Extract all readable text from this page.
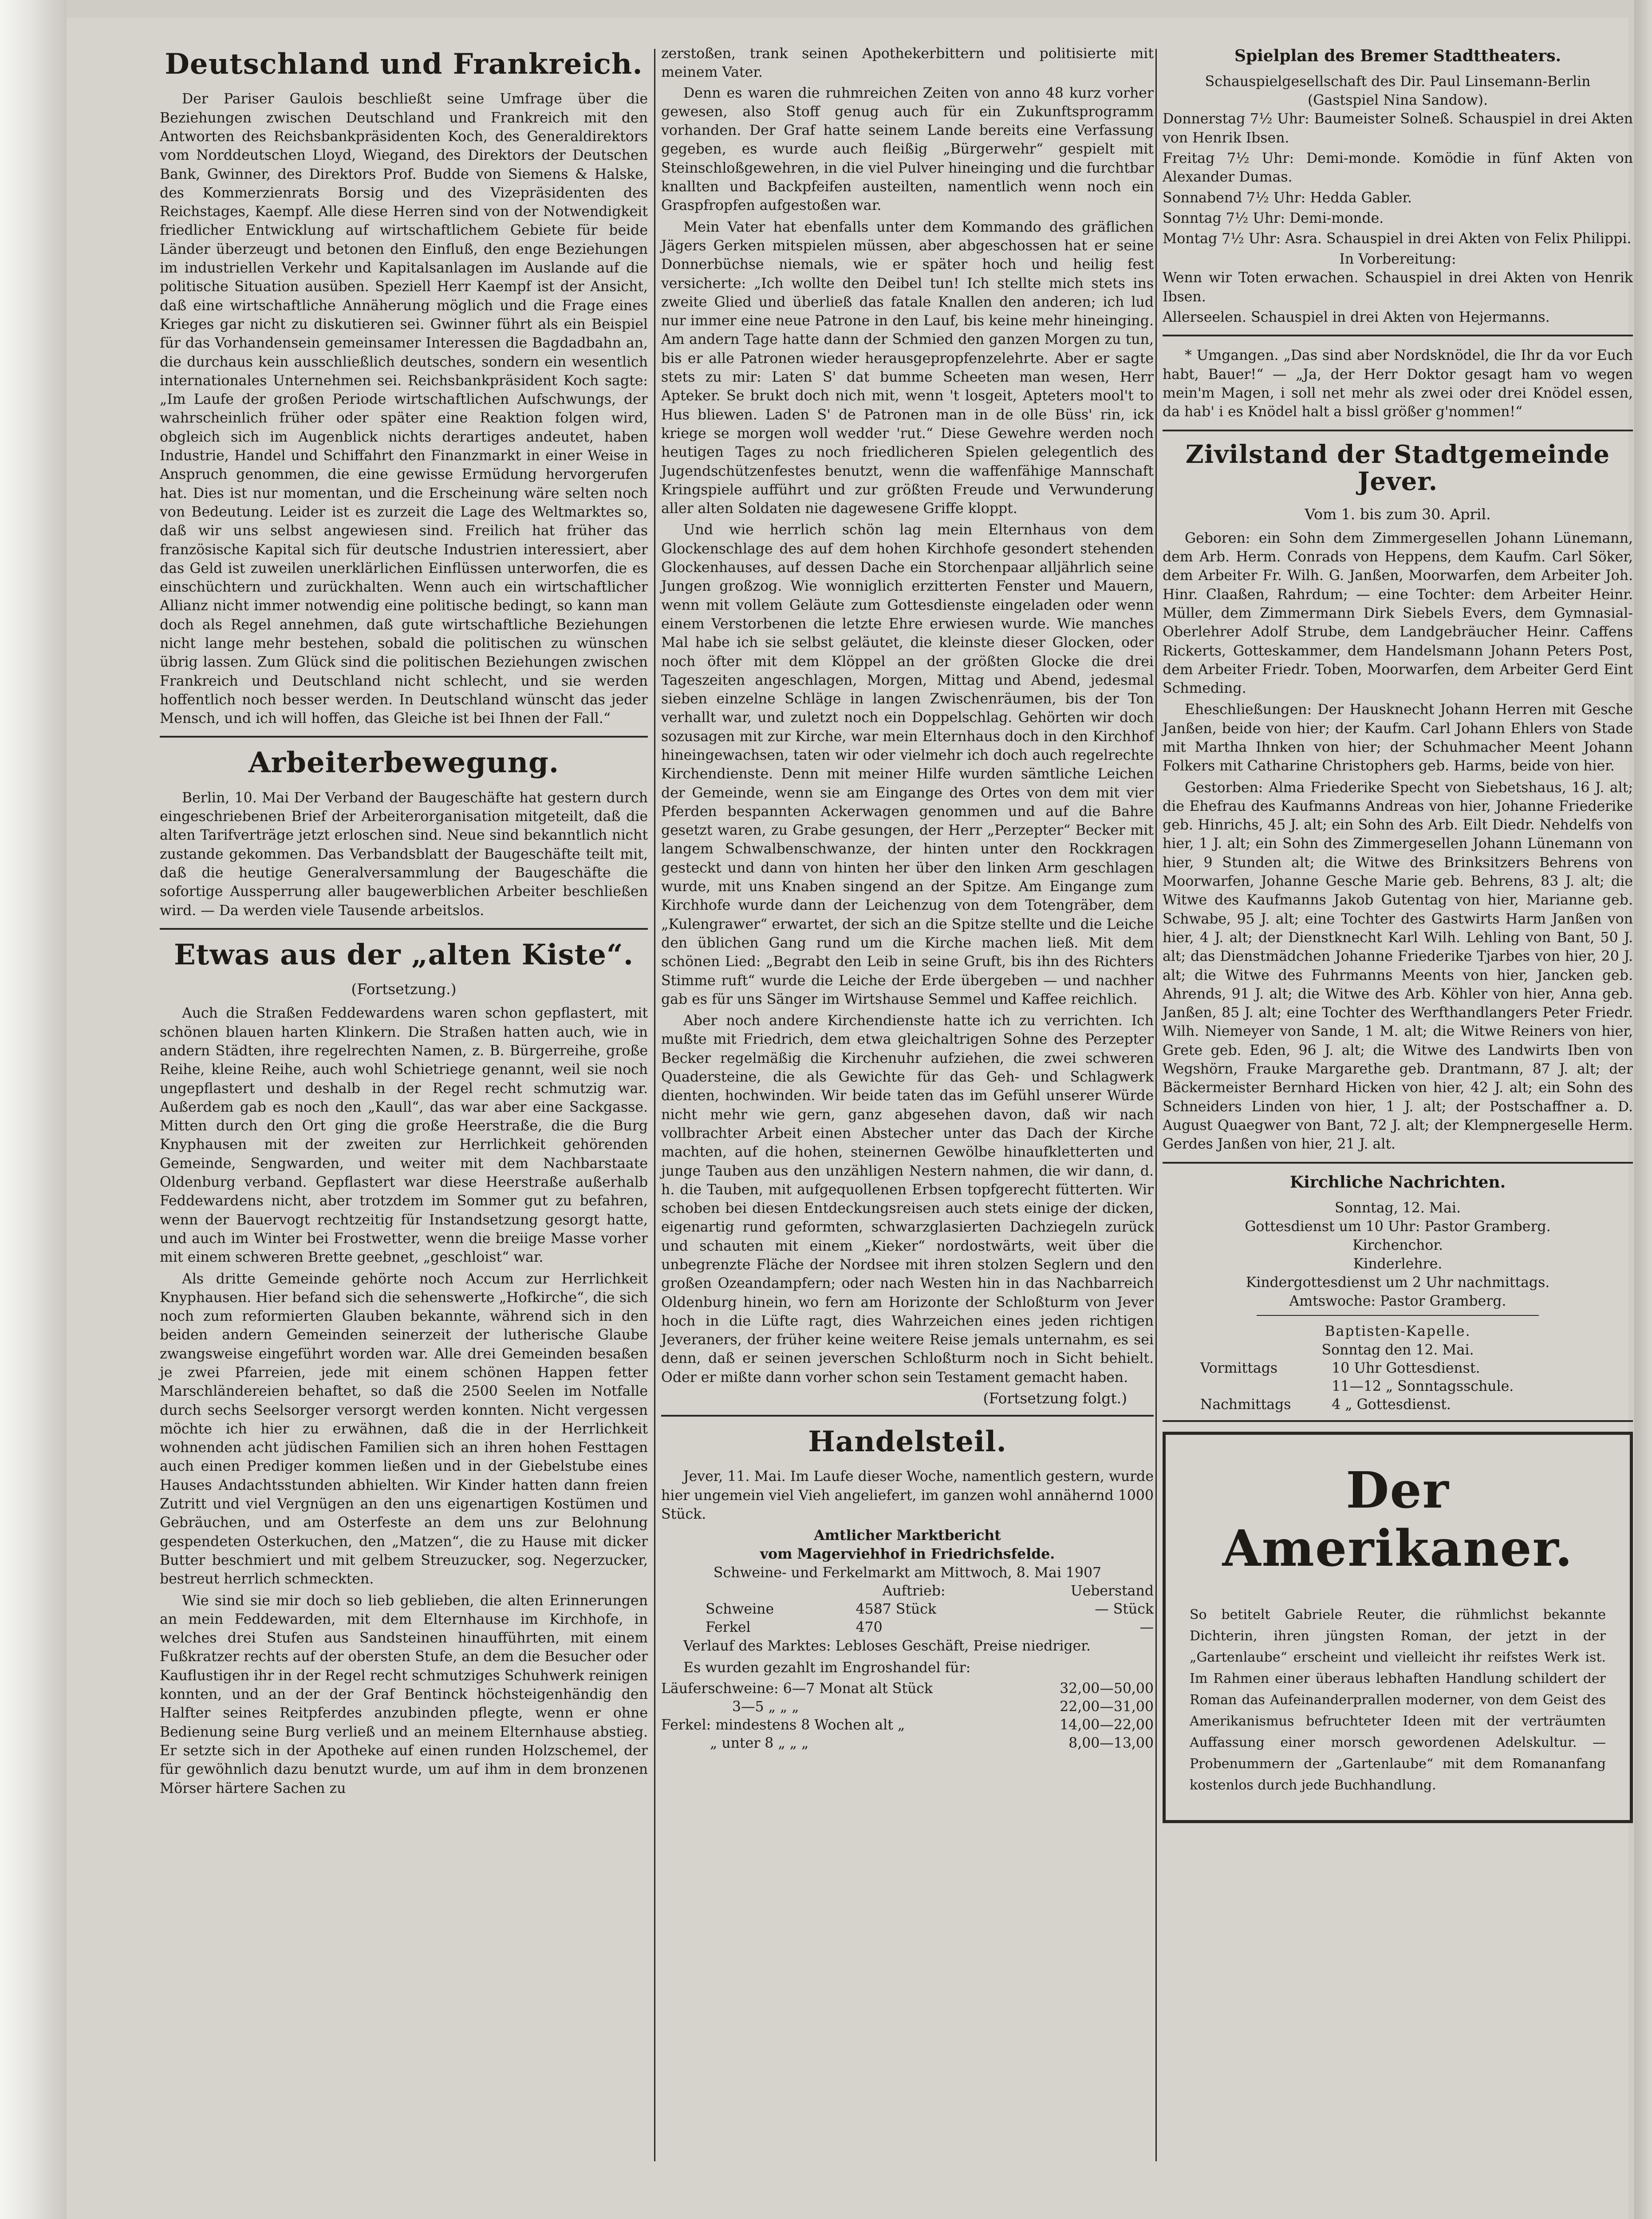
Deutschland und Frankreich.

Der Pariser Gaulois beschließt seine Umfrage über die Beziehungen zwischen Deutschland und Frankreich mit den Antworten des Reichsbankpräsidenten Koch, des Generaldirektors vom Norddeutschen Lloyd, Wiegand, des Direktors der Deutschen Bank, Gwinner, des Direktors Prof. Budde von Siemens & Halske, des Kommerzienrats Borsig und des Vizepräsidenten des Reichstages, Kaempf. Alle diese Herren sind von der Notwendigkeit friedlicher Entwicklung auf wirtschaftlichem Gebiete für beide Länder überzeugt und betonen den Einfluß, den enge Beziehungen im industriellen Verkehr und Kapitalsanlagen im Auslande auf die politische Situation ausüben. Speziell Herr Kaempf ist der Ansicht, daß eine wirtschaftliche Annäherung möglich und die Frage eines Krieges gar nicht zu diskutieren sei. Gwinner führt als ein Beispiel für das Vorhandensein gemeinsamer Interessen die Bagdadbahn an, die durchaus kein ausschließlich deutsches, sondern ein wesentlich internationales Unternehmen sei. Reichsbankpräsident Koch sagte: „Im Laufe der großen Periode wirtschaftlichen Aufschwungs, der wahrscheinlich früher oder später eine Reaktion folgen wird, obgleich sich im Augenblick nichts derartiges andeutet, haben Industrie, Handel und Schiffahrt den Finanzmarkt in einer Weise in Anspruch genommen, die eine gewisse Ermüdung hervorgerufen hat. Dies ist nur momentan, und die Erscheinung wäre selten noch von Bedeutung. Leider ist es zurzeit die Lage des Weltmarktes so, daß wir uns selbst angewiesen sind. Freilich hat früher das französische Kapital sich für deutsche Industrien interessiert, aber das Geld ist zuweilen unerklärlichen Einflüssen unterworfen, die es einschüchtern und zurückhalten. Wenn auch ein wirtschaftlicher Allianz nicht immer notwendig eine politische bedingt, so kann man doch als Regel annehmen, daß gute wirtschaftliche Beziehungen nicht lange mehr bestehen, sobald die politischen zu wünschen übrig lassen. Zum Glück sind die politischen Beziehungen zwischen Frankreich und Deutschland nicht schlecht, und sie werden hoffentlich noch besser werden. In Deutschland wünscht das jeder Mensch, und ich will hoffen, das Gleiche ist bei Ihnen der Fall.“

Arbeiterbewegung.

Berlin, 10. Mai Der Verband der Baugeschäfte hat gestern durch eingeschriebenen Brief der Arbeiterorganisation mitgeteilt, daß die alten Tarifverträge jetzt erloschen sind. Neue sind bekanntlich nicht zustande gekommen. Das Verbandsblatt der Baugeschäfte teilt mit, daß die heutige Generalversammlung der Baugeschäfte die sofortige Aussperrung aller baugewerblichen Arbeiter beschließen wird. — Da werden viele Tausende arbeitslos.

Etwas aus der „alten Kiste“.
(Fortsetzung.)

Auch die Straßen Feddewardens waren schon gepflastert, mit schönen blauen harten Klinkern. Die Straßen hatten auch, wie in andern Städten, ihre regelrechten Namen, z. B. Bürgerreihe, große Reihe, kleine Reihe, auch wohl Schietriege genannt, weil sie noch ungepflastert und deshalb in der Regel recht schmutzig war. Außerdem gab es noch den „Kaull“, das war aber eine Sackgasse. Mitten durch den Ort ging die große Heerstraße, die die Burg Knyphausen mit der zweiten zur Herrlichkeit gehörenden Gemeinde, Sengwarden, und weiter mit dem Nachbarstaate Oldenburg verband. Gepflastert war diese Heerstraße außerhalb Feddewardens nicht, aber trotzdem im Sommer gut zu befahren, wenn der Bauervogt rechtzeitig für Instandsetzung gesorgt hatte, und auch im Winter bei Frostwetter, wenn die breiige Masse vorher mit einem schweren Brette geebnet, „geschloist“ war.

Als dritte Gemeinde gehörte noch Accum zur Herrlichkeit Knyphausen. Hier befand sich die sehenswerte „Hofkirche“, die sich noch zum reformierten Glauben bekannte, während sich in den beiden andern Gemeinden seinerzeit der lutherische Glaube zwangsweise eingeführt worden war. Alle drei Gemeinden besaßen je zwei Pfarreien, jede mit einem schönen Happen fetter Marschländereien behaftet, so daß die 2500 Seelen im Notfalle durch sechs Seelsorger versorgt werden konnten. Nicht vergessen möchte ich hier zu erwähnen, daß die in der Herrlichkeit wohnenden acht jüdischen Familien sich an ihren hohen Festtagen auch einen Prediger kommen ließen und in der Giebelstube eines Hauses Andachtsstunden abhielten. Wir Kinder hatten dann freien Zutritt und viel Vergnügen an den uns eigenartigen Kostümen und Gebräuchen, und am Osterfeste an dem uns zur Belohnung gespendeten Osterkuchen, den „Matzen“, die zu Hause mit dicker Butter beschmiert und mit gelbem Streuzucker, sog. Negerzucker, bestreut herrlich schmeckten.

Wie sind sie mir doch so lieb geblieben, die alten Erinnerungen an mein Feddewarden, mit dem Elternhause im Kirchhofe, in welches drei Stufen aus Sandsteinen hinaufführten, mit einem Fußkratzer rechts auf der obersten Stufe, an dem die Besucher oder Kauflustigen ihr in der Regel recht schmutziges Schuhwerk reinigen konnten, und an der der Graf Bentinck höchsteigenhändig den Halfter seines Reitpferdes anzubinden pflegte, wenn er ohne Bedienung seine Burg verließ und an meinem Elternhause abstieg. Er setzte sich in der Apotheke auf einen runden Holzschemel, der für gewöhnlich dazu benutzt wurde, um auf ihm in dem bronzenen Mörser härtere Sachen zu

zerstoßen, trank seinen Apothekerbittern und politisierte mit meinem Vater.

Denn es waren die ruhmreichen Zeiten von anno 48 kurz vorher gewesen, also Stoff genug auch für ein Zukunftsprogramm vorhanden. Der Graf hatte seinem Lande bereits eine Verfassung gegeben, es wurde auch fleißig „Bürgerwehr“ gespielt mit Steinschloßgewehren, in die viel Pulver hineinging und die furchtbar knallten und Backpfeifen austeilten, namentlich wenn noch ein Graspfropfen aufgestoßen war.

Mein Vater hat ebenfalls unter dem Kommando des gräflichen Jägers Gerken mitspielen müssen, aber abgeschossen hat er seine Donnerbüchse niemals, wie er später hoch und heilig fest versicherte: „Ich wollte den Deibel tun! Ich stellte mich stets ins zweite Glied und überließ das fatale Knallen den anderen; ich lud nur immer eine neue Patrone in den Lauf, bis keine mehr hineinging. Am andern Tage hatte dann der Schmied den ganzen Morgen zu tun, bis er alle Patronen wieder herausgepropfenzelehrte. Aber er sagte stets zu mir: Laten S' dat bumme Scheeten man wesen, Herr Apteker. Se brukt doch nich mit, wenn 't losgeit, Apteters mool't to Hus bliewen. Laden S' de Patronen man in de olle Büss' rin, ick kriege se morgen woll wedder 'rut.“ Diese Gewehre werden noch heutigen Tages zu noch friedlicheren Spielen gelegentlich des Jugendschützenfestes benutzt, wenn die waffenfähige Mannschaft Kringspiele aufführt und zur größten Freude und Verwunderung aller alten Soldaten nie dagewesene Griffe kloppt.

Und wie herrlich schön lag mein Elternhaus von dem Glockenschlage des auf dem hohen Kirchhofe gesondert stehenden Glockenhauses, auf dessen Dache ein Storchenpaar alljährlich seine Jungen großzog. Wie wonniglich erzitterten Fenster und Mauern, wenn mit vollem Geläute zum Gottesdienste eingeladen oder wenn einem Verstorbenen die letzte Ehre erwiesen wurde. Wie manches Mal habe ich sie selbst geläutet, die kleinste dieser Glocken, oder noch öfter mit dem Klöppel an der größten Glocke die drei Tageszeiten angeschlagen, Morgen, Mittag und Abend, jedesmal sieben einzelne Schläge in langen Zwischenräumen, bis der Ton verhallt war, und zuletzt noch ein Doppelschlag. Gehörten wir doch sozusagen mit zur Kirche, war mein Elternhaus doch in den Kirchhof hineingewachsen, taten wir oder vielmehr ich doch auch regelrechte Kirchendienste. Denn mit meiner Hilfe wurden sämtliche Leichen der Gemeinde, wenn sie am Eingange des Ortes von dem mit vier Pferden bespannten Ackerwagen genommen und auf die Bahre gesetzt waren, zu Grabe gesungen, der Herr „Perzepter“ Becker mit langem Schwalbenschwanze, der hinten unter den Rockkragen gesteckt und dann von hinten her über den linken Arm geschlagen wurde, mit uns Knaben singend an der Spitze. Am Eingange zum Kirchhofe wurde dann der Leichenzug von dem Totengräber, dem „Kulengrawer“ erwartet, der sich an die Spitze stellte und die Leiche den üblichen Gang rund um die Kirche machen ließ. Mit dem schönen Lied: „Begrabt den Leib in seine Gruft, bis ihn des Richters Stimme ruft“ wurde die Leiche der Erde übergeben — und nachher gab es für uns Sänger im Wirtshause Semmel und Kaffee reichlich.

Aber noch andere Kirchendienste hatte ich zu verrichten. Ich mußte mit Friedrich, dem etwa gleichaltrigen Sohne des Perzepter Becker regelmäßig die Kirchenuhr aufziehen, die zwei schweren Quadersteine, die als Gewichte für das Geh- und Schlagwerk dienten, hochwinden. Wir beide taten das im Gefühl unserer Würde nicht mehr wie gern, ganz abgesehen davon, daß wir nach vollbrachter Arbeit einen Abstecher unter das Dach der Kirche machten, auf die hohen, steinernen Gewölbe hinaufkletterten und junge Tauben aus den unzähligen Nestern nahmen, die wir dann, d. h. die Tauben, mit aufgequollenen Erbsen topfgerecht fütterten. Wir schoben bei diesen Entdeckungsreisen auch stets einige der dicken, eigenartig rund geformten, schwarzglasierten Dachziegeln zurück und schauten mit einem „Kieker“ nordostwärts, weit über die unbegrenzte Fläche der Nordsee mit ihren stolzen Seglern und den großen Ozeandampfern; oder nach Westen hin in das Nachbarreich Oldenburg hinein, wo fern am Horizonte der Schloßturm von Jever hoch in die Lüfte ragt, dies Wahrzeichen eines jeden richtigen Jeveraners, der früher keine weitere Reise jemals unternahm, es sei denn, daß er seinen jeverschen Schloßturm noch in Sicht behielt. Oder er mißte dann vorher schon sein Testament gemacht haben.

(Fortsetzung folgt.)
Handelsteil.

Jever, 11. Mai. Im Laufe dieser Woche, namentlich gestern, wurde hier ungemein viel Vieh angeliefert, im ganzen wohl annähernd 1000 Stück.

Amtlicher Marktbericht

vom Magerviehhof in Friedrichsfelde.

Schweine- und Ferkelmarkt am Mittwoch, 8. Mai 1907

	Auftrieb:	Ueberstand
Schweine	4587 Stück	— Stück
Ferkel	470	—

Verlauf des Marktes: Lebloses Geschäft, Preise niedriger.

Es wurden gezahlt im Engroshandel für:

Läuferschweine: 6—7 Monat alt Stück	32,00—50,00
3—5 „ „ „	22,00—31,00
Ferkel: mindestens 8 Wochen alt „	14,00—22,00
„ unter 8 „ „ „	8,00—13,00
Spielplan des Bremer Stadttheaters.

Schauspielgesellschaft des Dir. Paul Linsemann-Berlin

(Gastspiel Nina Sandow).

Donnerstag 7½ Uhr: Baumeister Solneß. Schauspiel in drei Akten von Henrik Ibsen.

Freitag 7½ Uhr: Demi-monde. Komödie in fünf Akten von Alexander Dumas.

Sonnabend 7½ Uhr: Hedda Gabler.

Sonntag 7½ Uhr: Demi-monde.

Montag 7½ Uhr: Asra. Schauspiel in drei Akten von Felix Philippi.

In Vorbereitung:

Wenn wir Toten erwachen. Schauspiel in drei Akten von Henrik Ibsen.

Allerseelen. Schauspiel in drei Akten von Hejermanns.

* Umgangen. „Das sind aber Nordsknödel, die Ihr da vor Euch habt, Bauer!“ — „Ja, der Herr Doktor gesagt ham vo wegen mein'm Magen, i soll net mehr als zwei oder drei Knödel essen, da hab' i es Knödel halt a bissl größer g'nommen!“

Zivilstand der Stadtgemeinde Jever.
Vom 1. bis zum 30. April.

Geboren: ein Sohn dem Zimmergesellen Johann Lünemann, dem Arb. Herm. Conrads von Heppens, dem Kaufm. Carl Söker, dem Arbeiter Fr. Wilh. G. Janßen, Moorwarfen, dem Arbeiter Joh. Hinr. Claaßen, Rahrdum; — eine Tochter: dem Arbeiter Heinr. Müller, dem Zimmermann Dirk Siebels Evers, dem Gymnasial-Oberlehrer Adolf Strube, dem Landgebräucher Heinr. Caffens Rickerts, Gotteskammer, dem Handelsmann Johann Peters Post, dem Arbeiter Friedr. Toben, Moorwarfen, dem Arbeiter Gerd Eint Schmeding.

Eheschließungen: Der Hausknecht Johann Herren mit Gesche Janßen, beide von hier; der Kaufm. Carl Johann Ehlers von Stade mit Martha Ihnken von hier; der Schuhmacher Meent Johann Folkers mit Catharine Christophers geb. Harms, beide von hier.

Gestorben: Alma Friederike Specht von Siebetshaus, 16 J. alt; die Ehefrau des Kaufmanns Andreas von hier, Johanne Friederike geb. Hinrichs, 45 J. alt; ein Sohn des Arb. Eilt Diedr. Nehdelfs von hier, 1 J. alt; ein Sohn des Zimmergesellen Johann Lünemann von hier, 9 Stunden alt; die Witwe des Brinksitzers Behrens von Moorwarfen, Johanne Gesche Marie geb. Behrens, 83 J. alt; die Witwe des Kaufmanns Jakob Gutentag von hier, Marianne geb. Schwabe, 95 J. alt; eine Tochter des Gastwirts Harm Janßen von hier, 4 J. alt; der Dienstknecht Karl Wilh. Lehling von Bant, 50 J. alt; das Dienstmädchen Johanne Friederike Tjarbes von hier, 20 J. alt; die Witwe des Fuhrmanns Meents von hier, Jancken geb. Ahrends, 91 J. alt; die Witwe des Arb. Köhler von hier, Anna geb. Janßen, 85 J. alt; eine Tochter des Werfthandlangers Peter Friedr. Wilh. Niemeyer von Sande, 1 M. alt; die Witwe Reiners von hier, Grete geb. Eden, 96 J. alt; die Witwe des Landwirts Iben von Wegshörn, Frauke Margarethe geb. Drantmann, 87 J. alt; der Bäckermeister Bernhard Hicken von hier, 42 J. alt; ein Sohn des Schneiders Linden von hier, 1 J. alt; der Postschaffner a. D. August Quaegwer von Bant, 72 J. alt; der Klempnergeselle Herm. Gerdes Janßen von hier, 21 J. alt.

Kirchliche Nachrichten.

Sonntag, 12. Mai.

Gottesdienst um 10 Uhr: Pastor Gramberg.

Kirchenchor.

Kinderlehre.

Kindergottesdienst um 2 Uhr nachmittags.

Amtswoche: Pastor Gramberg.

Baptisten-Kapelle.

Sonntag den 12. Mai.

Vormittags	10 Uhr Gottesdienst.
	11—12 „ Sonntagsschule.
Nachmittags	4 „ Gottesdienst.
Der Amerikaner.

So betitelt Gabriele Reuter, die rühmlichst bekannte Dichterin, ihren jüngsten Roman, der jetzt in der „Gartenlaube“ erscheint und vielleicht ihr reifstes Werk ist. Im Rahmen einer überaus lebhaften Handlung schildert der Roman das Aufeinanderprallen moderner, von dem Geist des Amerikanismus befruchteter Ideen mit der verträumten Auffassung einer morsch gewordenen Adelskultur. — Probenummern der „Gartenlaube“ mit dem Romananfang kostenlos durch jede Buchhandlung.
